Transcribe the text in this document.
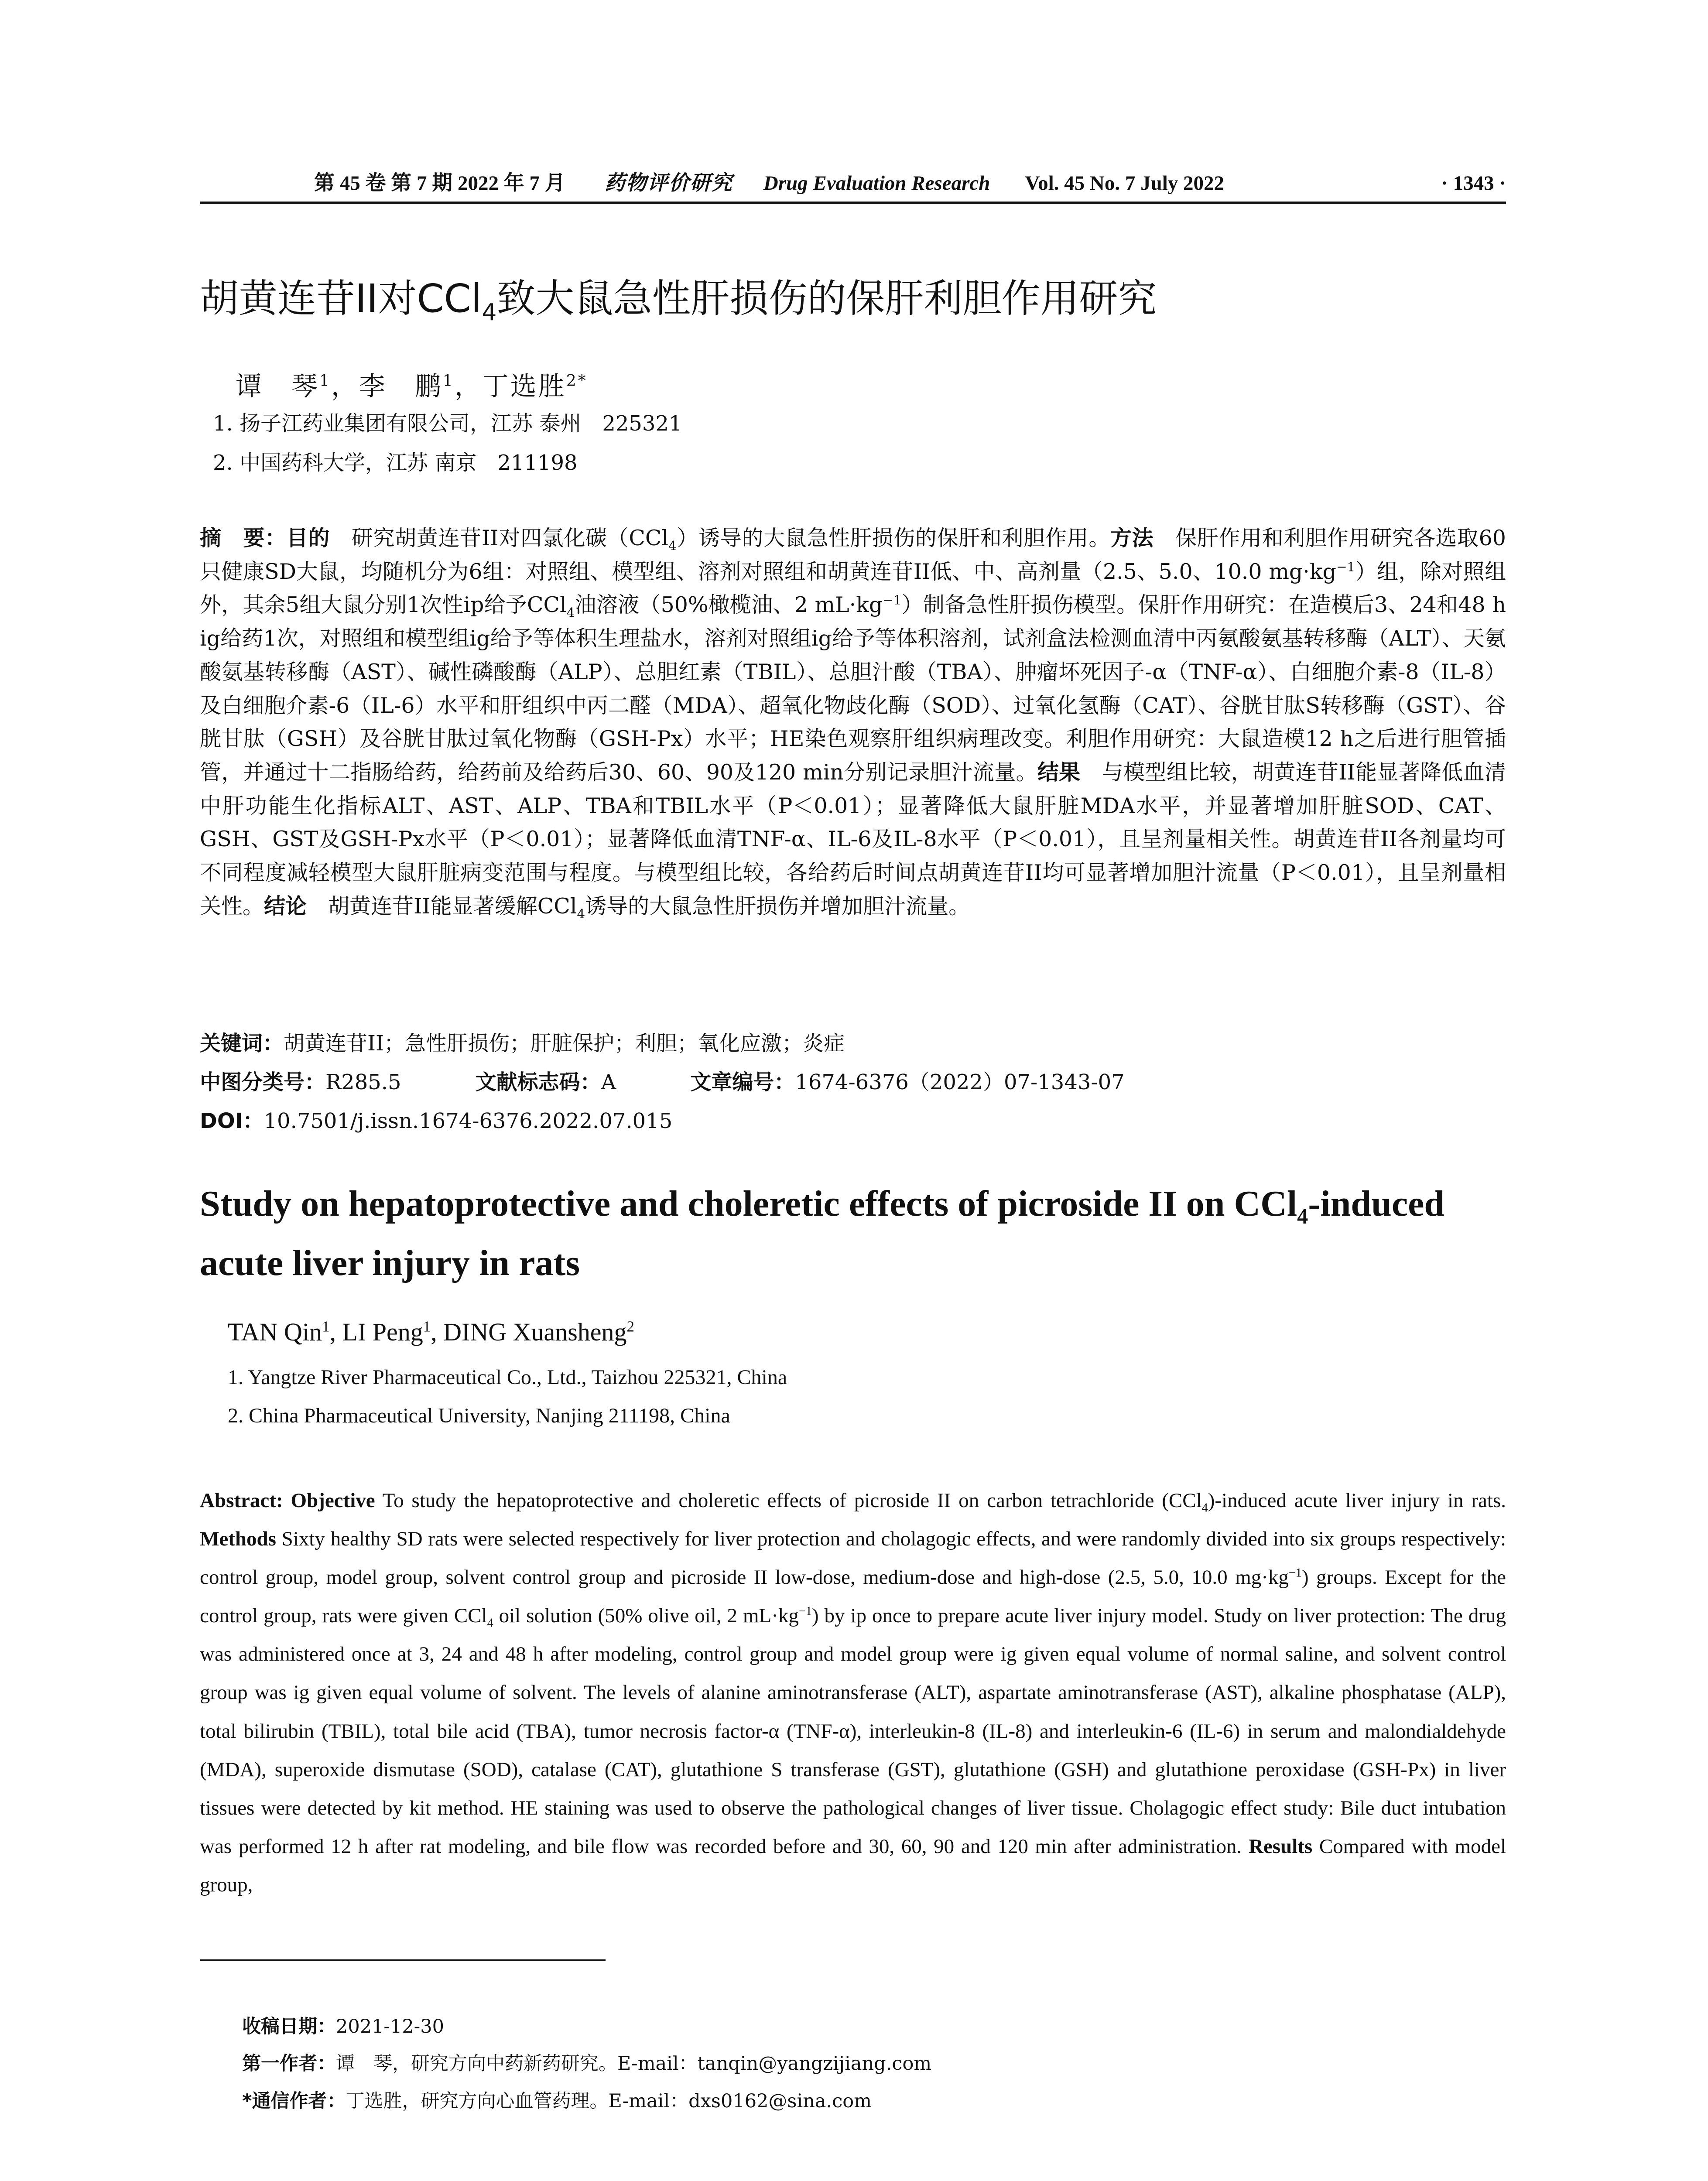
第 45 卷 第 7 期 2022 年 7 月 药物评价研究 Drug Evaluation Research Vol. 45 No. 7 July 2022	· 1343 ·
胡黄连苷II对CCl$_4$致大鼠急性肝损伤的保肝利胆作用研究
谭　琴$^1$，李　鹏$^1$，丁选胜$^{2*}$
1. 扬子江药业集团有限公司，江苏 泰州　225321
2. 中国药科大学，江苏 南京　211198

摘　要：目的　 研究胡黄连苷II对四氯化碳（CCl$_4$）诱导的大鼠急性肝损伤的保肝和利胆作用。方法　 保肝作用和利胆作用研究各选取60只健康SD大鼠，均随机分为6组：对照组、模型组、溶剂对照组和胡黄连苷II低、中、高剂量（2.5、5.0、10.0 $mg\cdot kg^{-1}$）组，除对照组外，其余5组大鼠分别1次性ip给予CCl$_4$油溶液（50%橄榄油、2 $mL\cdot kg^{-1}$）制备急性肝损伤模型。保肝作用研究：在造模后3、24和48 h ig给药1次，对照组和模型组ig给予等体积生理盐水，溶剂对照组ig给予等体积溶剂，试剂盒法检测血清中丙氨酸氨基转移酶（ALT）、天氨酸氨基转移酶（AST）、碱性磷酸酶（ALP）、总胆红素（TBIL）、总胆汁酸（TBA）、肿瘤坏死因子-α（TNF-α）、白细胞介素-8（IL-8）及白细胞介素-6（IL-6）水平和肝组织中丙二醛（MDA）、超氧化物歧化酶（SOD）、过氧化氢酶（CAT）、谷胱甘肽S转移酶（GST）、谷胱甘肽（GSH）及谷胱甘肽过氧化物酶（GSH-Px）水平；HE染色观察肝组织病理改变。利胆作用研究：大鼠造模12 h之后进行胆管插管，并通过十二指肠给药，给药前及给药后30、60、90及120 min分别记录胆汁流量。结果　 与模型组比较，胡黄连苷II能显著降低血清中肝功能生化指标ALT、AST、ALP、TBA和TBIL水平（P＜0.01）；显著降低大鼠肝脏MDA水平，并显著增加肝脏SOD、CAT、GSH、GST及GSH-Px水平（P＜0.01）；显著降低血清TNF-α、IL-6及IL-8水平（P＜0.01），且呈剂量相关性。胡黄连苷II各剂量均可不同程度减轻模型大鼠肝脏病变范围与程度。与模型组比较，各给药后时间点胡黄连苷II均可显著增加胆汁流量（P＜0.01），且呈剂量相关性。结论　 胡黄连苷II能显著缓解CCl$_4$诱导的大鼠急性肝损伤并增加胆汁流量。

关键词：胡黄连苷II；急性肝损伤；肝脏保护；利胆；氧化应激；炎症
中图分类号：R285.5	文献标志码：A	文章编号：1674-6376（2022）07-1343-07
DOI：10.7501/j.issn.1674-6376.2022.07.015

Study on hepatoprotective and choleretic effects of picroside II on CCl$_4$-induced acute liver injury in rats

TAN Qin$^1$, LI Peng$^1$, DING Xuansheng$^2$
1. Yangtze River Pharmaceutical Co., Ltd., Taizhou 225321, China
2. China Pharmaceutical University, Nanjing 211198, China

Abstract: Objective To study the hepatoprotective and choleretic effects of picroside II on carbon tetrachloride (CCl$_4$)-induced acute liver injury in rats. Methods Sixty healthy SD rats were selected respectively for liver protection and cholagogic effects, and were randomly divided into six groups respectively: control group, model group, solvent control group and picroside II low-dose, medium-dose and high-dose (2.5, 5.0, 10.0 $mg\cdot kg^{-1}$) groups. Except for the control group, rats were given CCl$_4$ oil solution (50% olive oil, 2 $mL\cdot kg^{-1}$) by ip once to prepare acute liver injury model. Study on liver protection: The drug was administered once at 3, 24 and 48 h after modeling, control group and model group were ig given equal volume of normal saline, and solvent control group was ig given equal volume of solvent. The levels of alanine aminotransferase (ALT), aspartate aminotransferase (AST), alkaline phosphatase (ALP), total bilirubin (TBIL), total bile acid (TBA), tumor necrosis factor-α (TNF-α), interleukin-8 (IL-8) and interleukin-6 (IL-6) in serum and malondialdehyde (MDA), superoxide dismutase (SOD), catalase (CAT), glutathione S transferase (GST), glutathione (GSH) and glutathione peroxidase (GSH-Px) in liver tissues were detected by kit method. HE staining was used to observe the pathological changes of liver tissue. Cholagogic effect study: Bile duct intubation was performed 12 h after rat modeling, and bile flow was recorded before and 30, 60, 90 and 120 min after administration. Results Compared with model group,

收稿日期：2021-12-30
第一作者：谭　琴，研究方向中药新药研究。E-mail：tanqin@yangzijiang.com
*通信作者：丁选胜，研究方向心血管药理。E-mail：dxs0162@sina.com
